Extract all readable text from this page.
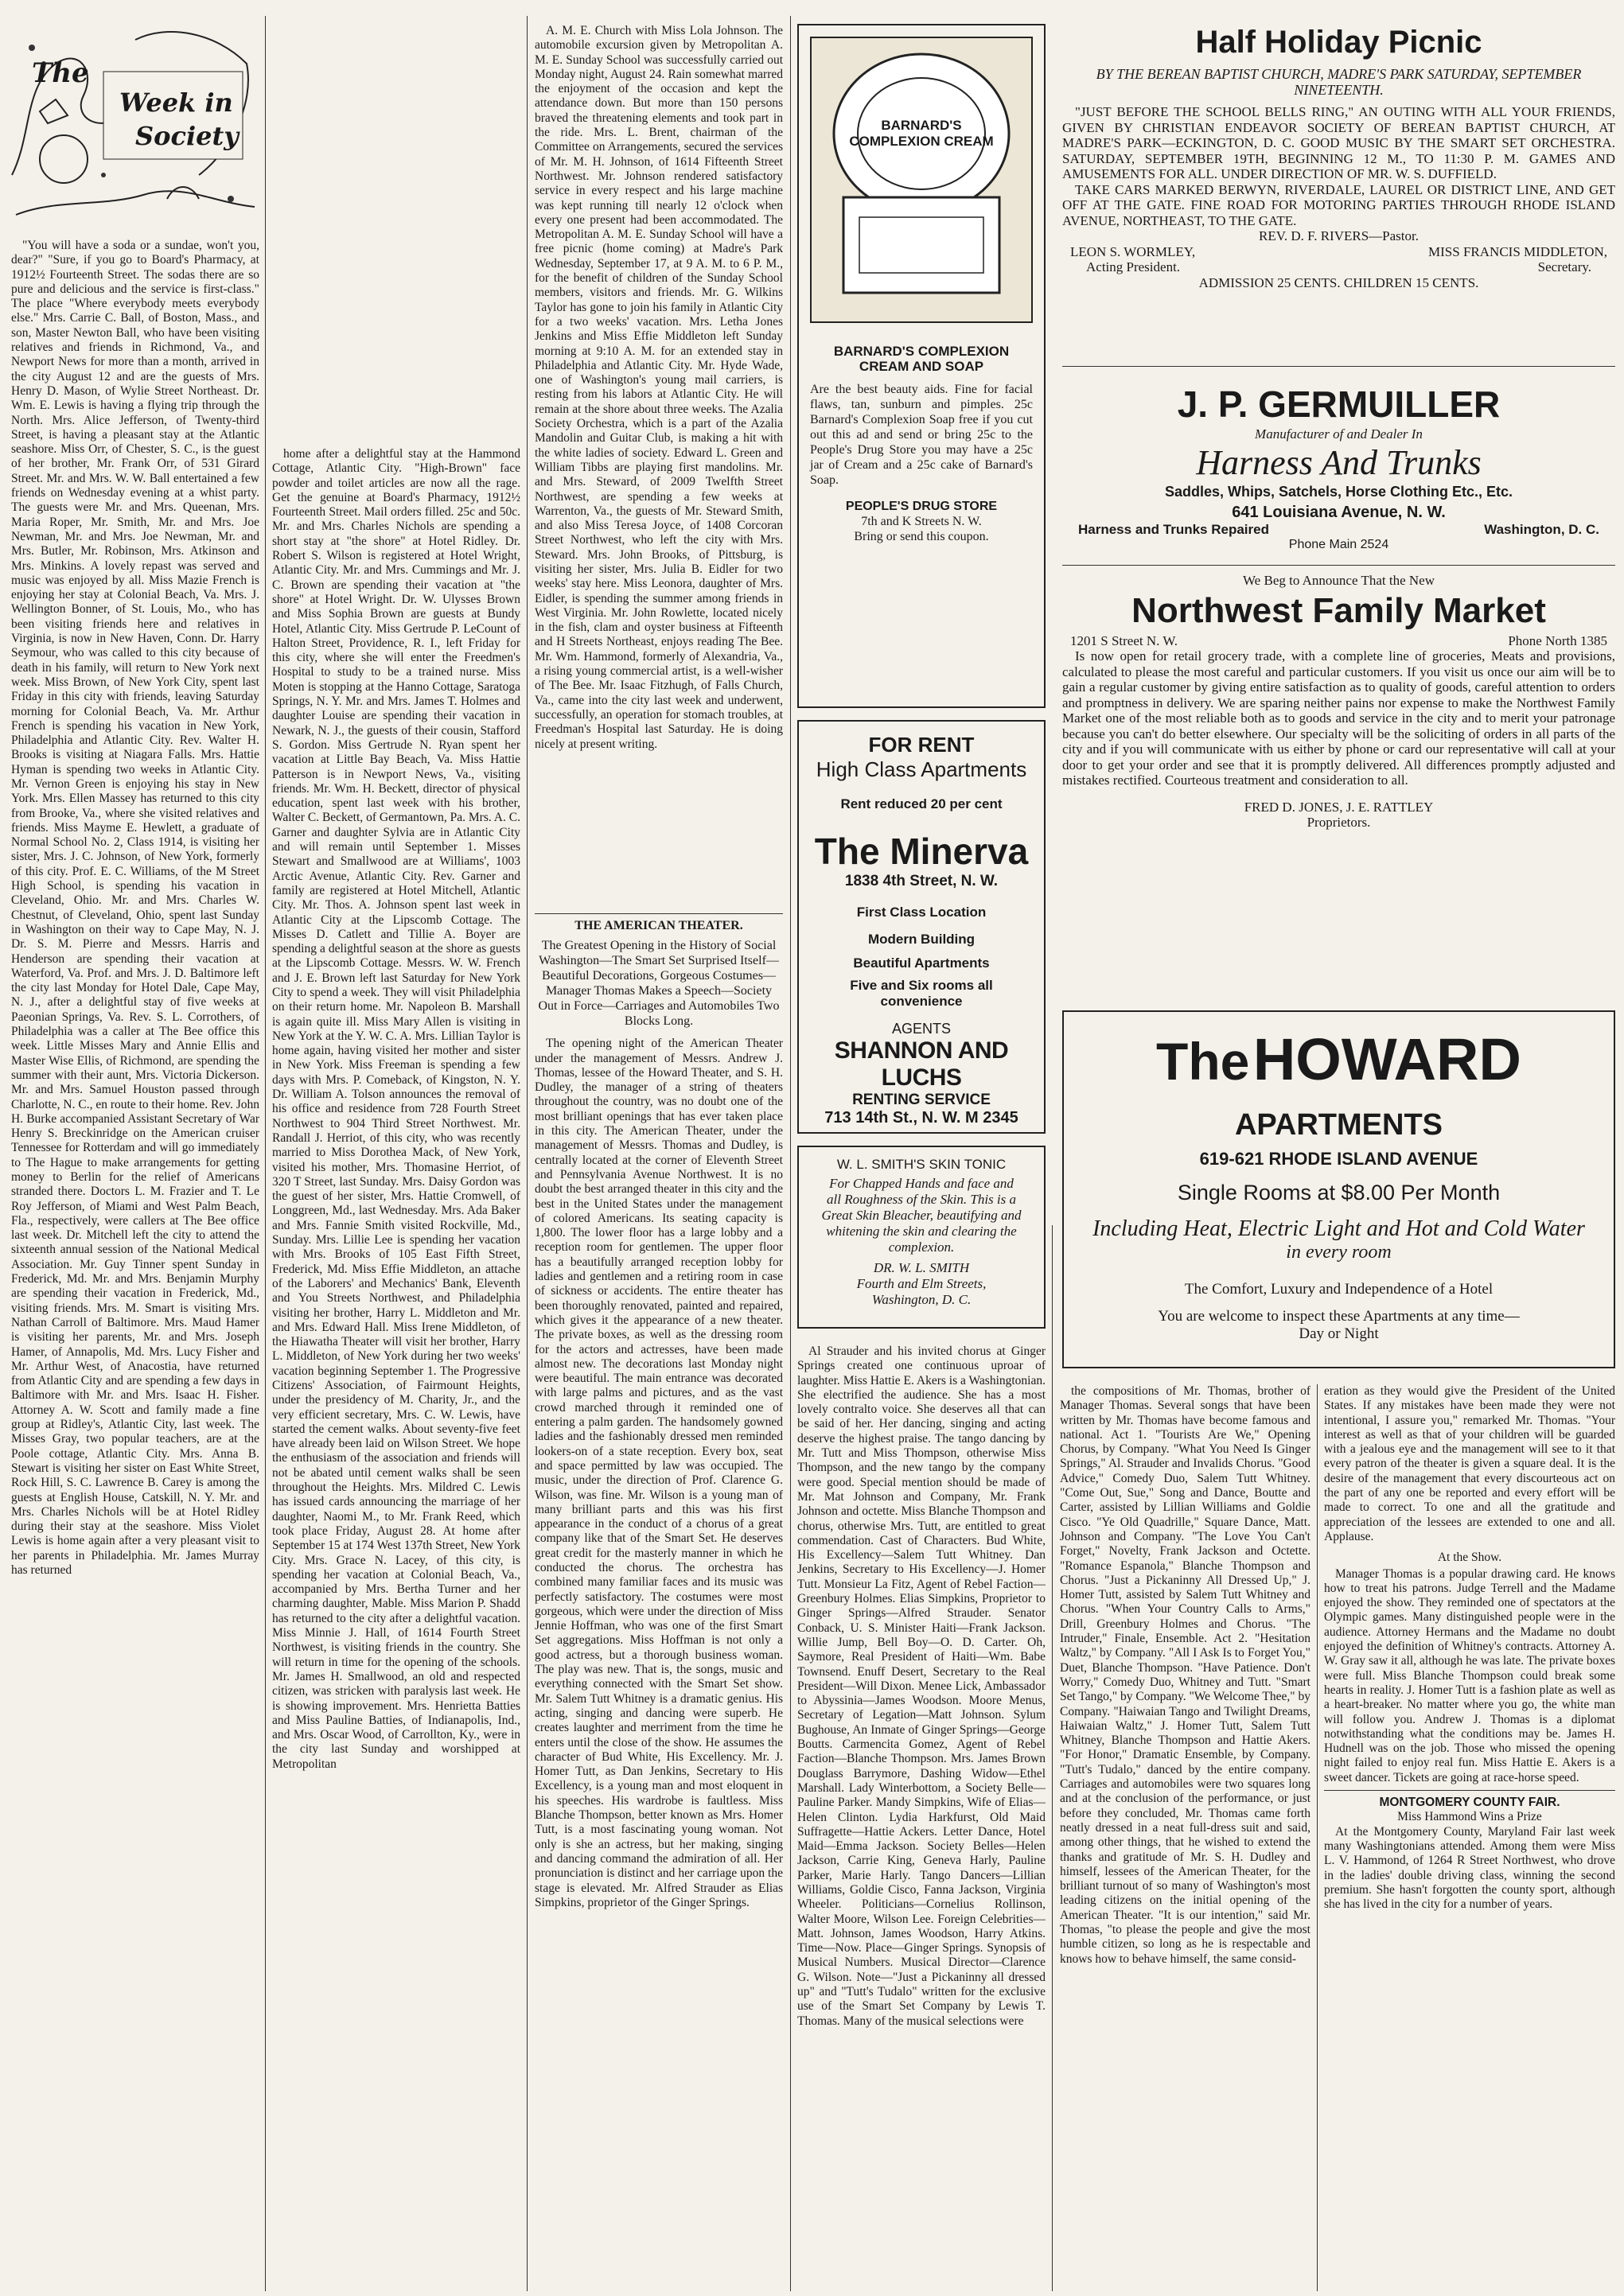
The
Week in
Society

"You will have a soda or a sundae, won't you, dear?" "Sure, if you go to Board's Pharmacy, at 1912½ Fourteenth Street. The sodas there are so pure and delicious and the service is first-class." The place "Where everybody meets everybody else." Mrs. Carrie C. Ball, of Boston, Mass., and son, Master Newton Ball, who have been visiting relatives and friends in Richmond, Va., and Newport News for more than a month, arrived in the city August 12 and are the guests of Mrs. Henry D. Mason, of Wylie Street Northeast. Dr. Wm. E. Lewis is having a flying trip through the North. Mrs. Alice Jefferson, of Twenty-third Street, is having a pleasant stay at the Atlantic seashore. Miss Orr, of Chester, S. C., is the guest of her brother, Mr. Frank Orr, of 531 Girard Street. Mr. and Mrs. W. W. Ball entertained a few friends on Wednesday evening at a whist party. The guests were Mr. and Mrs. Queenan, Mrs. Maria Roper, Mr. Smith, Mr. and Mrs. Joe Newman, Mr. and Mrs. Joe Newman, Mr. and Mrs. Butler, Mr. Robinson, Mrs. Atkinson and Mrs. Minkins. A lovely repast was served and music was enjoyed by all. Miss Mazie French is enjoying her stay at Colonial Beach, Va. Mrs. J. Wellington Bonner, of St. Louis, Mo., who has been visiting friends here and relatives in Virginia, is now in New Haven, Conn. Dr. Harry Seymour, who was called to this city because of death in his family, will return to New York next week. Miss Brown, of New York City, spent last Friday in this city with friends, leaving Saturday morning for Colonial Beach, Va. Mr. Arthur French is spending his vacation in New York, Philadelphia and Atlantic City. Rev. Walter H. Brooks is visiting at Niagara Falls. Mrs. Hattie Hyman is spending two weeks in Atlantic City. Mr. Vernon Green is enjoying his stay in New York. Mrs. Ellen Massey has returned to this city from Brooke, Va., where she visited relatives and friends. Miss Mayme E. Hewlett, a graduate of Normal School No. 2, Class 1914, is visiting her sister, Mrs. J. C. Johnson, of New York, formerly of this city. Prof. E. C. Williams, of the M Street High School, is spending his vacation in Cleveland, Ohio. Mr. and Mrs. Charles W. Chestnut, of Cleveland, Ohio, spent last Sunday in Washington on their way to Cape May, N. J. Dr. S. M. Pierre and Messrs. Harris and Henderson are spending their vacation at Waterford, Va. Prof. and Mrs. J. D. Baltimore left the city last Monday for Hotel Dale, Cape May, N. J., after a delightful stay of five weeks at Paeonian Springs, Va. Rev. S. L. Corrothers, of Philadelphia was a caller at The Bee office this week. Little Misses Mary and Annie Ellis and Master Wise Ellis, of Richmond, are spending the summer with their aunt, Mrs. Victoria Dickerson. Mr. and Mrs. Samuel Houston passed through Charlotte, N. C., en route to their home. Rev. John H. Burke accompanied Assistant Secretary of War Henry S. Breckinridge on the American cruiser Tennessee for Rotterdam and will go immediately to The Hague to make arrangements for getting money to Berlin for the relief of Americans stranded there. Doctors L. M. Frazier and T. Le Roy Jefferson, of Miami and West Palm Beach, Fla., respectively, were callers at The Bee office last week. Dr. Mitchell left the city to attend the sixteenth annual session of the National Medical Association. Mr. Guy Tinner spent Sunday in Frederick, Md. Mr. and Mrs. Benjamin Murphy are spending their vacation in Frederick, Md., visiting friends. Mrs. M. Smart is visiting Mrs. Nathan Carroll of Baltimore. Mrs. Maud Hamer is visiting her parents, Mr. and Mrs. Joseph Hamer, of Annapolis, Md. Mrs. Lucy Fisher and Mr. Arthur West, of Anacostia, have returned from Atlantic City and are spending a few days in Baltimore with Mr. and Mrs. Isaac H. Fisher. Attorney A. W. Scott and family made a fine group at Ridley's, Atlantic City, last week. The Misses Gray, two popular teachers, are at the Poole cottage, Atlantic City. Mrs. Anna B. Stewart is visiting her sister on East White Street, Rock Hill, S. C. Lawrence B. Carey is among the guests at English House, Catskill, N. Y. Mr. and Mrs. Charles Nichols will be at Hotel Ridley during their stay at the seashore. Miss Violet Lewis is home again after a very pleasant visit to her parents in Philadelphia. Mr. James Murray has returned

home after a delightful stay at the Hammond Cottage, Atlantic City. "High-Brown" face powder and toilet articles are now all the rage. Get the genuine at Board's Pharmacy, 1912½ Fourteenth Street. Mail orders filled. 25c and 50c. Mr. and Mrs. Charles Nichols are spending a short stay at "the shore" at Hotel Ridley. Dr. Robert S. Wilson is registered at Hotel Wright, Atlantic City. Mr. and Mrs. Cummings and Mr. J. C. Brown are spending their vacation at "the shore" at Hotel Wright. Dr. W. Ulysses Brown and Miss Sophia Brown are guests at Bundy Hotel, Atlantic City. Miss Gertrude P. LeCount of Halton Street, Providence, R. I., left Friday for this city, where she will enter the Freedmen's Hospital to study to be a trained nurse. Miss Moten is stopping at the Hanno Cottage, Saratoga Springs, N. Y. Mr. and Mrs. James T. Holmes and daughter Louise are spending their vacation in Newark, N. J., the guests of their cousin, Stafford S. Gordon. Miss Gertrude N. Ryan spent her vacation at Little Bay Beach, Va. Miss Hattie Patterson is in Newport News, Va., visiting friends. Mr. Wm. H. Beckett, director of physical education, spent last week with his brother, Walter C. Beckett, of Germantown, Pa. Mrs. A. C. Garner and daughter Sylvia are in Atlantic City and will remain until September 1. Misses Stewart and Smallwood are at Williams', 1003 Arctic Avenue, Atlantic City. Rev. Garner and family are registered at Hotel Mitchell, Atlantic City. Mr. Thos. A. Johnson spent last week in Atlantic City at the Lipscomb Cottage. The Misses D. Catlett and Tillie A. Boyer are spending a delightful season at the shore as guests at the Lipscomb Cottage. Messrs. W. W. French and J. E. Brown left last Saturday for New York City to spend a week. They will visit Philadelphia on their return home. Mr. Napoleon B. Marshall is again quite ill. Miss Mary Allen is visiting in New York at the Y. W. C. A. Mrs. Lillian Taylor is home again, having visited her mother and sister in New York. Miss Freeman is spending a few days with Mrs. P. Comeback, of Kingston, N. Y. Dr. William A. Tolson announces the removal of his office and residence from 728 Fourth Street Northwest to 904 Third Street Northwest. Mr. Randall J. Herriot, of this city, who was recently married to Miss Dorothea Mack, of New York, visited his mother, Mrs. Thomasine Herriot, of 320 T Street, last Sunday. Mrs. Daisy Gordon was the guest of her sister, Mrs. Hattie Cromwell, of Longgreen, Md., last Wednesday. Mrs. Ada Baker and Mrs. Fannie Smith visited Rockville, Md., Sunday. Mrs. Lillie Lee is spending her vacation with Mrs. Brooks of 105 East Fifth Street, Frederick, Md. Miss Effie Middleton, an attache of the Laborers' and Mechanics' Bank, Eleventh and You Streets Northwest, and Philadelphia visiting her brother, Harry L. Middleton and Mr. and Mrs. Edward Hall. Miss Irene Middleton, of the Hiawatha Theater will visit her brother, Harry L. Middleton, of New York during her two weeks' vacation beginning September 1. The Progressive Citizens' Association, of Fairmount Heights, under the presidency of M. Charity, Jr., and the very efficient secretary, Mrs. C. W. Lewis, have started the cement walks. About seventy-five feet have already been laid on Wilson Street. We hope the enthusiasm of the association and friends will not be abated until cement walks shall be seen throughout the Heights. Mrs. Mildred C. Lewis has issued cards announcing the marriage of her daughter, Naomi M., to Mr. Frank Reed, which took place Friday, August 28. At home after September 15 at 174 West 137th Street, New York City. Mrs. Grace N. Lacey, of this city, is spending her vacation at Colonial Beach, Va., accompanied by Mrs. Bertha Turner and her charming daughter, Mable. Miss Marion P. Shadd has returned to the city after a delightful vacation. Miss Minnie J. Hall, of 1614 Fourth Street Northwest, is visiting friends in the country. She will return in time for the opening of the schools. Mr. James H. Smallwood, an old and respected citizen, was stricken with paralysis last week. He is showing improvement. Mrs. Henrietta Batties and Miss Pauline Batties, of Indianapolis, Ind., and Mrs. Oscar Wood, of Carrollton, Ky., were in the city last Sunday and worshipped at Metropolitan

A. M. E. Church with Miss Lola Johnson. The automobile excursion given by Metropolitan A. M. E. Sunday School was successfully carried out Monday night, August 24. Rain somewhat marred the enjoyment of the occasion and kept the attendance down. But more than 150 persons braved the threatening elements and took part in the ride. Mrs. L. Brent, chairman of the Committee on Arrangements, secured the services of Mr. M. H. Johnson, of 1614 Fifteenth Street Northwest. Mr. Johnson rendered satisfactory service in every respect and his large machine was kept running till nearly 12 o'clock when every one present had been accommodated. The Metropolitan A. M. E. Sunday School will have a free picnic (home coming) at Madre's Park Wednesday, September 17, at 9 A. M. to 6 P. M., for the benefit of children of the Sunday School members, visitors and friends. Mr. G. Wilkins Taylor has gone to join his family in Atlantic City for a two weeks' vacation. Mrs. Letha Jones Jenkins and Miss Effie Middleton left Sunday morning at 9:10 A. M. for an extended stay in Philadelphia and Atlantic City. Mr. Hyde Wade, one of Washington's young mail carriers, is resting from his labors at Atlantic City. He will remain at the shore about three weeks. The Azalia Society Orchestra, which is a part of the Azalia Mandolin and Guitar Club, is making a hit with the white ladies of society. Edward L. Green and William Tibbs are playing first mandolins. Mr. and Mrs. Steward, of 2009 Twelfth Street Northwest, are spending a few weeks at Warrenton, Va., the guests of Mr. Steward Smith, and also Miss Teresa Joyce, of 1408 Corcoran Street Northwest, who left the city with Mrs. Steward. Mrs. John Brooks, of Pittsburg, is visiting her sister, Mrs. Julia B. Eidler for two weeks' stay here. Miss Leonora, daughter of Mrs. Eidler, is spending the summer among friends in West Virginia. Mr. John Rowlette, located nicely in the fish, clam and oyster business at Fifteenth and H Streets Northeast, enjoys reading The Bee. Mr. Wm. Hammond, formerly of Alexandria, Va., a rising young commercial artist, is a well-wisher of The Bee. Mr. Isaac Fitzhugh, of Falls Church, Va., came into the city last week and underwent, successfully, an operation for stomach troubles, at Freedman's Hospital last Saturday. He is doing nicely at present writing.

THE AMERICAN THEATER.
The Greatest Opening in the History of Social Washington—The Smart Set Surprised Itself—Beautiful Decorations, Gorgeous Costumes—Manager Thomas Makes a Speech—Society Out in Force—Carriages and Automobiles Two Blocks Long.

The opening night of the American Theater under the management of Messrs. Andrew J. Thomas, lessee of the Howard Theater, and S. H. Dudley, the manager of a string of theaters throughout the country, was no doubt one of the most brilliant openings that has ever taken place in this city. The American Theater, under the management of Messrs. Thomas and Dudley, is centrally located at the corner of Eleventh Street and Pennsylvania Avenue Northwest. It is no doubt the best arranged theater in this city and the best in the United States under the management of colored Americans. Its seating capacity is 1,800. The lower floor has a large lobby and a reception room for gentlemen. The upper floor has a beautifully arranged reception lobby for ladies and gentlemen and a retiring room in case of sickness or accidents. The entire theater has been thoroughly renovated, painted and repaired, which gives it the appearance of a new theater. The private boxes, as well as the dressing room for the actors and actresses, have been made almost new. The decorations last Monday night were beautiful. The main entrance was decorated with large palms and pictures, and as the vast crowd marched through it reminded one of entering a palm garden. The handsomely gowned ladies and the fashionably dressed men reminded lookers-on of a state reception. Every box, seat and space permitted by law was occupied. The music, under the direction of Prof. Clarence G. Wilson, was fine. Mr. Wilson is a young man of many brilliant parts and this was his first appearance in the conduct of a chorus of a great company like that of the Smart Set. He deserves great credit for the masterly manner in which he conducted the chorus. The orchestra has combined many familiar faces and its music was perfectly satisfactory. The costumes were most gorgeous, which were under the direction of Miss Jennie Hoffman, who was one of the first Smart Set aggregations. Miss Hoffman is not only a good actress, but a thorough business woman. The play was new. That is, the songs, music and everything connected with the Smart Set show. Mr. Salem Tutt Whitney is a dramatic genius. His acting, singing and dancing were superb. He creates laughter and merriment from the time he enters until the close of the show. He assumes the character of Bud White, His Excellency. Mr. J. Homer Tutt, as Dan Jenkins, Secretary to His Excellency, is a young man and most eloquent in his speeches. His wardrobe is faultless. Miss Blanche Thompson, better known as Mrs. Homer Tutt, is a most fascinating young woman. Not only is she an actress, but her making, singing and dancing command the admiration of all. Her pronunciation is distinct and her carriage upon the stage is elevated. Mr. Alfred Strauder as Elias Simpkins, proprietor of the Ginger Springs.

BARNARD'S COMPLEXION CREAM
BARNARD'S COMPLEXION CREAM AND SOAP
Are the best beauty aids. Fine for facial flaws, tan, sunburn and pimples. 25c Barnard's Complexion Soap free if you cut out this ad and send or bring 25c to the People's Drug Store you may have a 25c jar of Cream and a 25c cake of Barnard's Soap.
PEOPLE'S DRUG STORE
7th and K Streets N. W.
Bring or send this coupon.
FOR RENT
High Class Apartments
Rent reduced 20 per cent
The Minerva
1838 4th Street, N. W.
First Class Location
Modern Building
Beautiful Apartments
Five and Six rooms all convenience
AGENTS
SHANNON AND LUCHS
RENTING SERVICE
713 14th St., N. W. M 2345
W. L. SMITH'S SKIN TONIC
For Chapped Hands and face and all Roughness of the Skin. This is a Great Skin Bleacher, beautifying and whitening the skin and clearing the complexion.
DR. W. L. SMITH
Fourth and Elm Streets, Washington, D. C.

Al Strauder and his invited chorus at Ginger Springs created one continuous uproar of laughter. Miss Hattie E. Akers is a Washingtonian. She electrified the audience. She has a most lovely contralto voice. She deserves all that can be said of her. Her dancing, singing and acting deserve the highest praise. The tango dancing by Mr. Tutt and Miss Thompson, otherwise Miss Thompson, and the new tango by the company were good. Special mention should be made of Mr. Mat Johnson and Company, Mr. Frank Johnson and octette. Miss Blanche Thompson and chorus, otherwise Mrs. Tutt, are entitled to great commendation. Cast of Characters. Bud White, His Excellency—Salem Tutt Whitney. Dan Jenkins, Secretary to His Excellency—J. Homer Tutt. Monsieur La Fitz, Agent of Rebel Faction—Greenbury Holmes. Elias Simpkins, Proprietor to Ginger Springs—Alfred Strauder. Senator Conback, U. S. Minister Haiti—Frank Jackson. Willie Jump, Bell Boy—O. D. Carter. Oh, Saymore, Real President of Haiti—Wm. Babe Townsend. Enuff Desert, Secretary to the Real President—Will Dixon. Menee Lick, Ambassador to Abyssinia—James Woodson. Moore Menus, Secretary of Legation—Matt Johnson. Sylum Bughouse, An Inmate of Ginger Springs—George Boutts. Carmencita Gomez, Agent of Rebel Faction—Blanche Thompson. Mrs. James Brown Douglass Barrymore, Dashing Widow—Ethel Marshall. Lady Winterbottom, a Society Belle—Pauline Parker. Mandy Simpkins, Wife of Elias—Helen Clinton. Lydia Harkfurst, Old Maid Suffragette—Hattie Ackers. Letter Dance, Hotel Maid—Emma Jackson. Society Belles—Helen Jackson, Carrie King, Geneva Harly, Pauline Parker, Marie Harly. Tango Dancers—Lillian Williams, Goldie Cisco, Fanna Jackson, Virginia Wheeler. Politicians—Cornelius Rollinson, Walter Moore, Wilson Lee. Foreign Celebrities—Matt. Johnson, James Woodson, Harry Atkins. Time—Now. Place—Ginger Springs. Synopsis of Musical Numbers. Musical Director—Clarence G. Wilson. Note—"Just a Pickaninny all dressed up" and "Tutt's Tudalo" written for the exclusive use of the Smart Set Company by Lewis T. Thomas. Many of the musical selections were

Half Holiday Picnic
BY THE BEREAN BAPTIST CHURCH, MADRE'S PARK SATURDAY, SEPTEMBER NINETEENTH.
"JUST BEFORE THE SCHOOL BELLS RING," AN OUTING WITH ALL YOUR FRIENDS, GIVEN BY CHRISTIAN ENDEAVOR SOCIETY OF BEREAN BAPTIST CHURCH, AT MADRE'S PARK—ECKINGTON, D. C. GOOD MUSIC BY THE SMART SET ORCHESTRA. SATURDAY, SEPTEMBER 19TH, BEGINNING 12 M., TO 11:30 P. M. GAMES AND AMUSEMENTS FOR ALL. UNDER DIRECTION OF MR. W. S. DUFFIELD.
TAKE CARS MARKED BERWYN, RIVERDALE, LAUREL OR DISTRICT LINE, AND GET OFF AT THE GATE. FINE ROAD FOR MOTORING PARTIES THROUGH RHODE ISLAND AVENUE, NORTHEAST, TO THE GATE.
REV. D. F. RIVERS—Pastor.
LEON S. WORMLEY,	MISS FRANCIS MIDDLETON,
Acting President.	Secretary.
ADMISSION 25 CENTS. CHILDREN 15 CENTS.
J. P. GERMUILLER
Manufacturer of and Dealer In
Harness And Trunks
Saddles, Whips, Satchels, Horse Clothing Etc., Etc.
641 Louisiana Avenue, N. W.
Harness and Trunks Repaired	Washington, D. C.
Phone Main 2524
We Beg to Announce That the New
Northwest Family Market
1201 S Street N. W.	Phone North 1385
Is now open for retail grocery trade, with a complete line of groceries, Meats and provisions, calculated to please the most careful and particular customers. If you visit us once our aim will be to gain a regular customer by giving entire satisfaction as to quality of goods, careful attention to orders and promptness in delivery. We are sparing neither pains nor expense to make the Northwest Family Market one of the most reliable both as to goods and service in the city and to merit your patronage because you can't do better elsewhere. Our specialty will be the soliciting of orders in all parts of the city and if you will communicate with us either by phone or card our representative will call at your door to get your order and see that it is promptly delivered. All differences promptly adjusted and mistakes rectified. Courteous treatment and consideration to all.
FRED D. JONES, J. E. RATTLEY
Proprietors.
The HOWARD
APARTMENTS
619-621 RHODE ISLAND AVENUE
Single Rooms at $8.00 Per Month
Including Heat, Electric Light and Hot and Cold Water
in every room
The Comfort, Luxury and Independence of a Hotel
You are welcome to inspect these Apartments at any time—
Day or Night

the compositions of Mr. Thomas, brother of Manager Thomas. Several songs that have been written by Mr. Thomas have become famous and national. Act 1. "Tourists Are We," Opening Chorus, by Company. "What You Need Is Ginger Springs," Al. Strauder and Invalids Chorus. "Good Advice," Comedy Duo, Salem Tutt Whitney. "Come Out, Sue," Song and Dance, Boutte and Carter, assisted by Lillian Williams and Goldie Cisco. "Ye Old Quadrille," Square Dance, Matt. Johnson and Company. "The Love You Can't Forget," Novelty, Frank Jackson and Octette. "Romance Espanola," Blanche Thompson and Chorus. "Just a Pickaninny All Dressed Up," J. Homer Tutt, assisted by Salem Tutt Whitney and Chorus. "When Your Country Calls to Arms," Drill, Greenbury Holmes and Chorus. "The Intruder," Finale, Ensemble. Act 2. "Hesitation Waltz," by Company. "All I Ask Is to Forget You," Duet, Blanche Thompson. "Have Patience. Don't Worry," Comedy Duo, Whitney and Tutt. "Smart Set Tango," by Company. "We Welcome Thee," by Company. "Haiwaian Tango and Twilight Dreams, Haiwaian Waltz," J. Homer Tutt, Salem Tutt Whitney, Blanche Thompson and Hattie Akers. "For Honor," Dramatic Ensemble, by Company. "Tutt's Tudalo," danced by the entire company. Carriages and automobiles were two squares long and at the conclusion of the performance, or just before they concluded, Mr. Thomas came forth neatly dressed in a neat full-dress suit and said, among other things, that he wished to extend the thanks and gratitude of Mr. S. H. Dudley and himself, lessees of the American Theater, for the brilliant turnout of so many of Washington's most leading citizens on the initial opening of the American Theater. "It is our intention," said Mr. Thomas, "to please the people and give the most humble citizen, so long as he is respectable and knows how to behave himself, the same consid-

eration as they would give the President of the United States. If any mistakes have been made they were not intentional, I assure you," remarked Mr. Thomas. "Your interest as well as that of your children will be guarded with a jealous eye and the management will see to it that every patron of the theater is given a square deal. It is the desire of the management that every discourteous act on the part of any one be reported and every effort will be made to correct. To one and all the gratitude and appreciation of the lessees are extended to one and all. Applause.

At the Show.

Manager Thomas is a popular drawing card. He knows how to treat his patrons. Judge Terrell and the Madame enjoyed the show. They reminded one of spectators at the Olympic games. Many distinguished people were in the audience. Attorney Hermans and the Madame no doubt enjoyed the definition of Whitney's contracts. Attorney A. W. Gray saw it all, although he was late. The private boxes were full. Miss Blanche Thompson could break some hearts in reality. J. Homer Tutt is a fashion plate as well as a heart-breaker. No matter where you go, the white man will follow you. Andrew J. Thomas is a diplomat notwithstanding what the conditions may be. James H. Hudnell was on the job. Those who missed the opening night failed to enjoy real fun. Miss Hattie E. Akers is a sweet dancer. Tickets are going at race-horse speed.

MONTGOMERY COUNTY FAIR.
Miss Hammond Wins a Prize

At the Montgomery County, Maryland Fair last week many Washingtonians attended. Among them were Miss L. V. Hammond, of 1264 R Street Northwest, who drove in the ladies' double driving class, winning the second premium. She hasn't forgotten the county sport, although she has lived in the city for a number of years.
